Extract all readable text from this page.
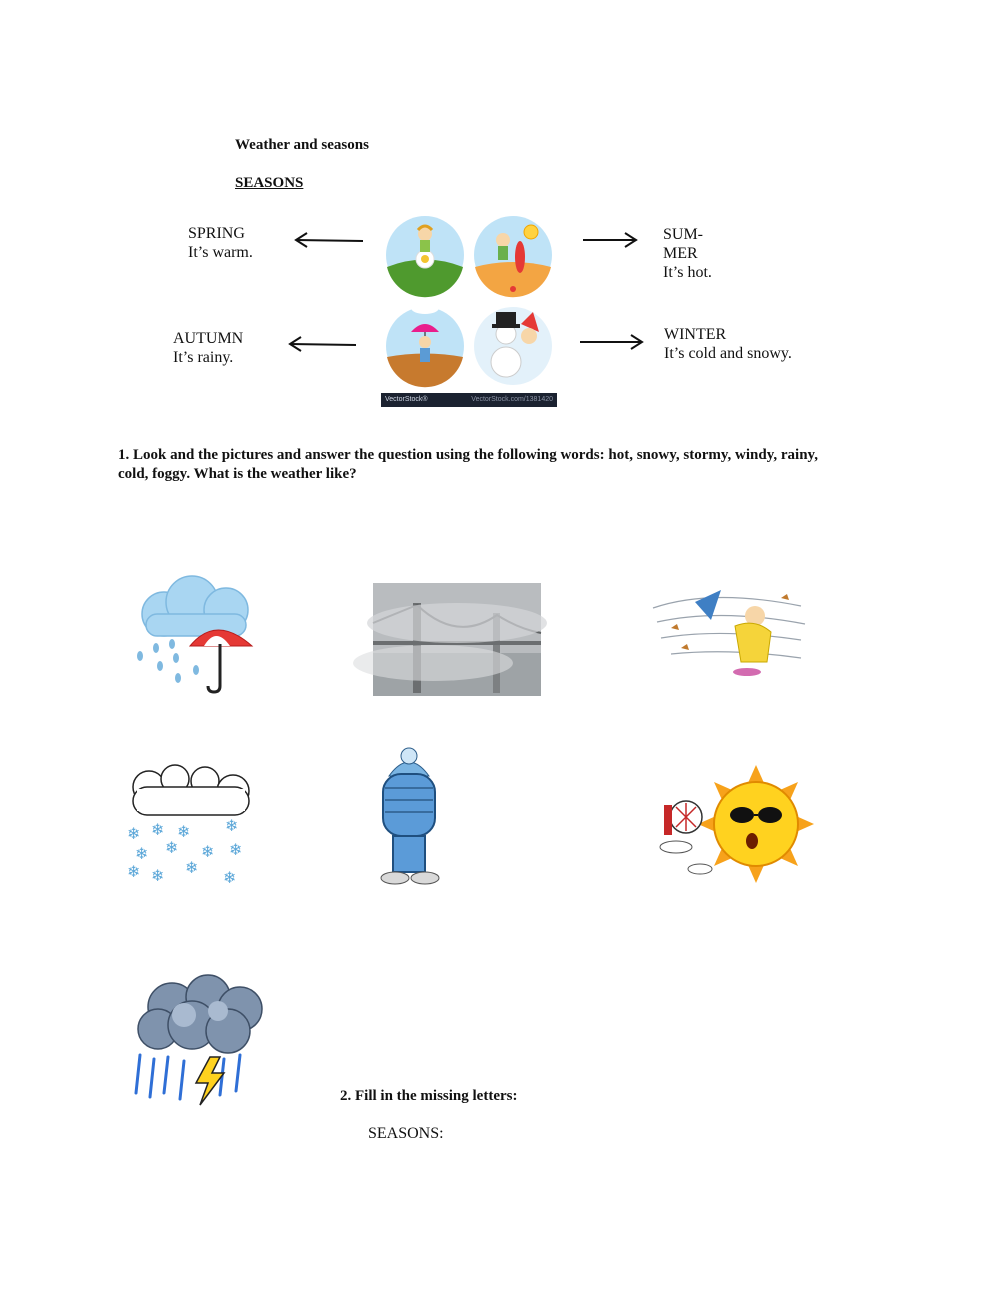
Weather and seasons
SEASONS
SPRING
It’s warm.
SUM-
MER
It’s hot.
AUTUMN
It’s rainy.
WINTER
It’s cold and snowy.
VectorStock®	VectorStock.com/1381420
1. Look and the pictures and answer the question using the following words: hot, snowy, stormy, windy, rainy,
cold, foggy. What is the weather like?
❄ ❄ ❄ ❄
❄ ❄ ❄ ❄
❄ ❄ ❄
❄
2. Fill in the missing letters:
SEASONS:
